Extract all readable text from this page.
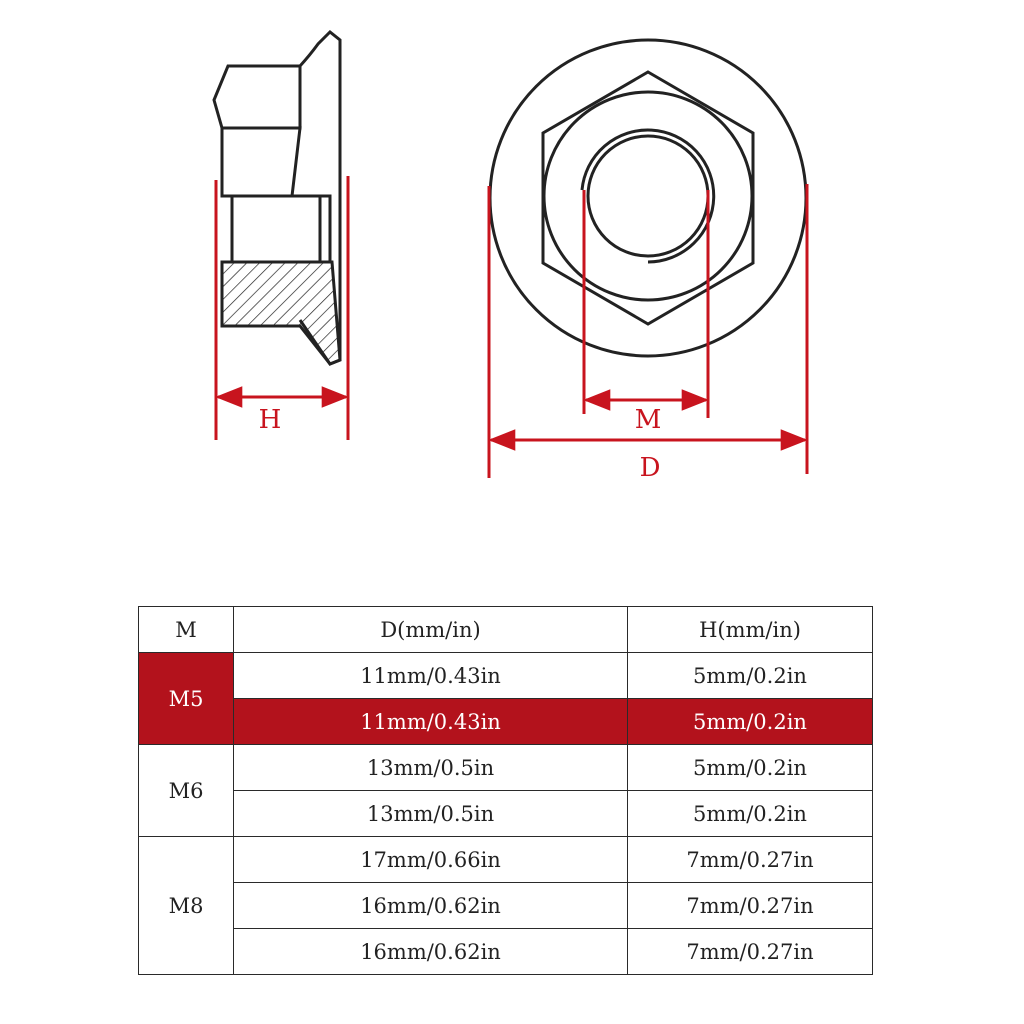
H	M
D
M	D(mm/in)	H(mm/in)
M5	11mm/0.43in	5mm/0.2in
	11mm/0.43in	5mm/0.2in
M6	13mm/0.5in	5mm/0.2in
	13mm/0.5in	5mm/0.2in
M8	17mm/0.66in	7mm/0.27in
	16mm/0.62in	7mm/0.27in
	16mm/0.62in	7mm/0.27in
